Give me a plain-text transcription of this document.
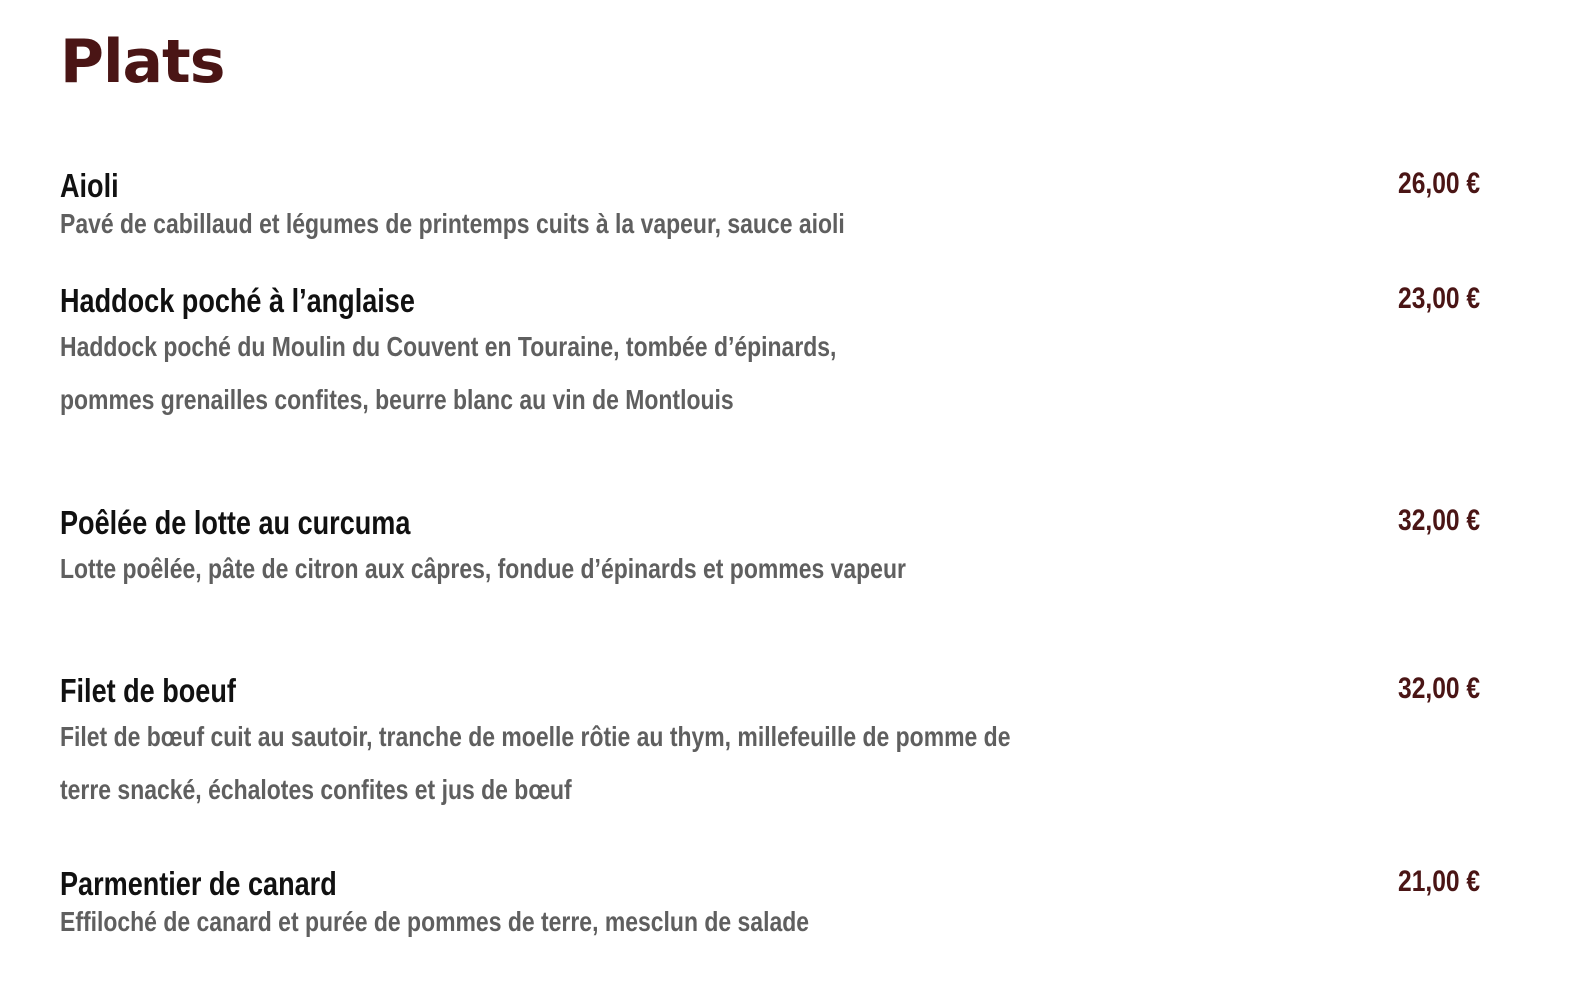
Plats
Aioli
Pavé de cabillaud et légumes de printemps cuits à la vapeur, sauce aioli
26,00 €
Haddock poché à l’anglaise
Haddock poché du Moulin du Couvent en Touraine, tombée d’épinards, pommes grenailles confites, beurre blanc au vin de Montlouis
23,00 €
Poêlée de lotte au curcuma
Lotte poêlée, pâte de citron aux câpres, fondue d’épinards et pommes vapeur
32,00 €
Filet de boeuf
Filet de bœuf cuit au sautoir, tranche de moelle rôtie au thym, millefeuille de pomme de terre snacké, échalotes confites et jus de bœuf
32,00 €
Parmentier de canard
Effiloché de canard et purée de pommes de terre, mesclun de salade
21,00 €
